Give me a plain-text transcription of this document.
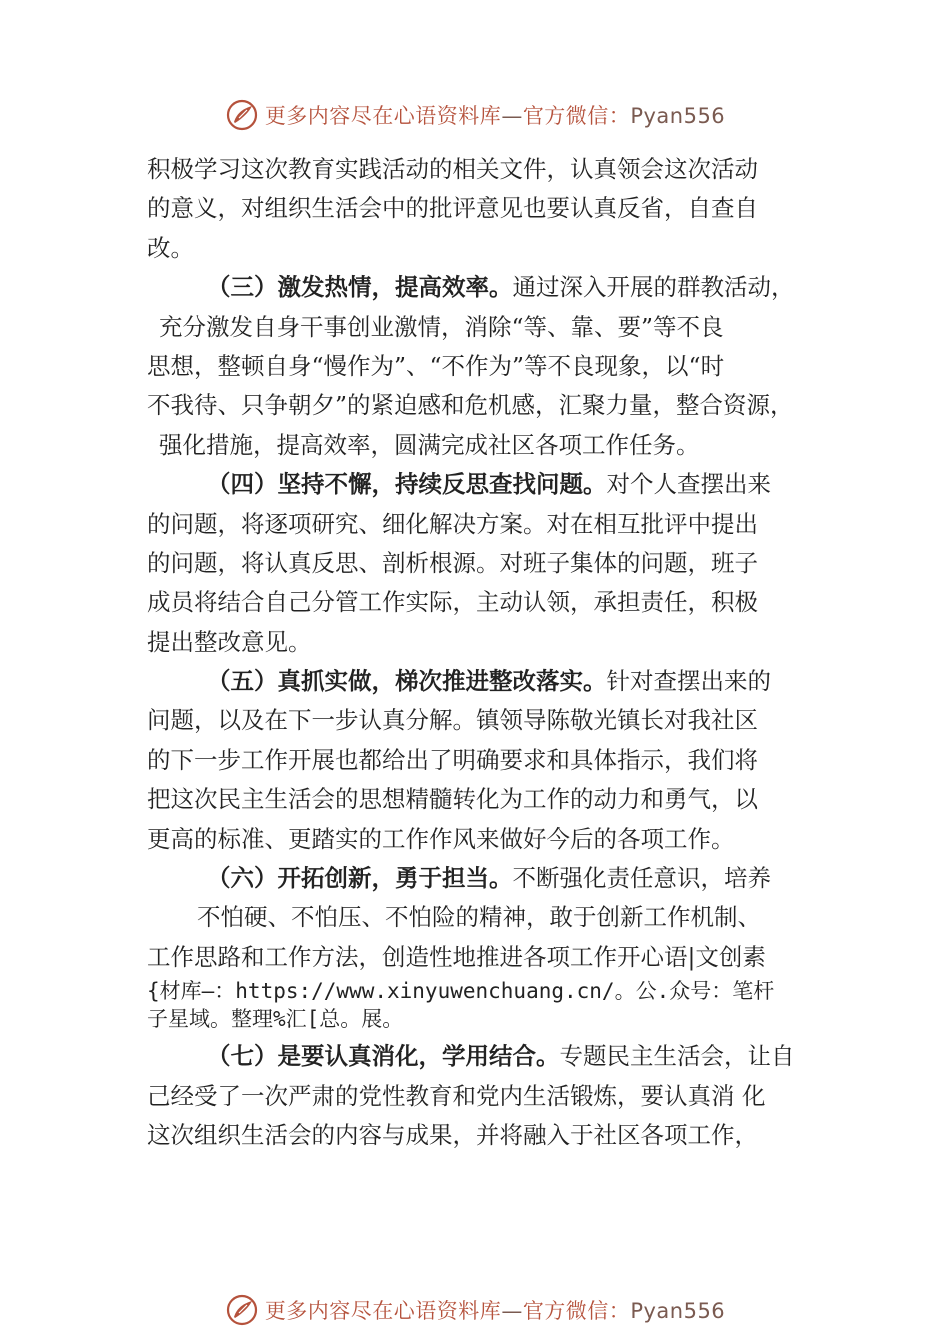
更多内容尽在心语资料库—官方微信：Pyan556
积极学习这次教育实践活动的相关文件，认真领会这次活动
的意义，对组织生活会中的批评意见也要认真反省，自查自
改。
（三）激发热情，提高效率。通过深入开展的群教活动，
充分激发自身干事创业激情，消除“等、靠、要”等不良
思想，整顿自身“慢作为”、“不作为”等不良现象，以“时
不我待、只争朝夕”的紧迫感和危机感，汇聚力量，整合资源，
强化措施，提高效率，圆满完成社区各项工作任务。
（四）坚持不懈，持续反思查找问题。对个人查摆出来
的问题，将逐项研究、细化解决方案。对在相互批评中提出
的问题，将认真反思、剖析根源。对班子集体的问题，班子
成员将结合自己分管工作实际，主动认领，承担责任，积极
提出整改意见。
（五）真抓实做，梯次推进整改落实。针对查摆出来的
问题，以及在下一步认真分解。镇领导陈敬光镇长对我社区
的下一步工作开展也都给出了明确要求和具体指示，我们将
把这次民主生活会的思想精髓转化为工作的动力和勇气，以
更高的标准、更踏实的工作作风来做好今后的各项工作。
（六）开拓创新，勇于担当。不断强化责任意识，培养
不怕硬、不怕压、不怕险的精神，敢于创新工作机制、
工作思路和工作方法，创造性地推进各项工作开心语|文创素
{材库—：https://www.xinyuwenchuang.cn/。公.众号：笔杆
子星域。整理%汇[总。展。
（七）是要认真消化，学用结合。专题民主生活会，让自
己经受了一次严肃的党性教育和党内生活锻炼，要认真消 化
这次组织生活会的内容与成果，并将融入于社区各项工作，
更多内容尽在心语资料库—官方微信：Pyan556
